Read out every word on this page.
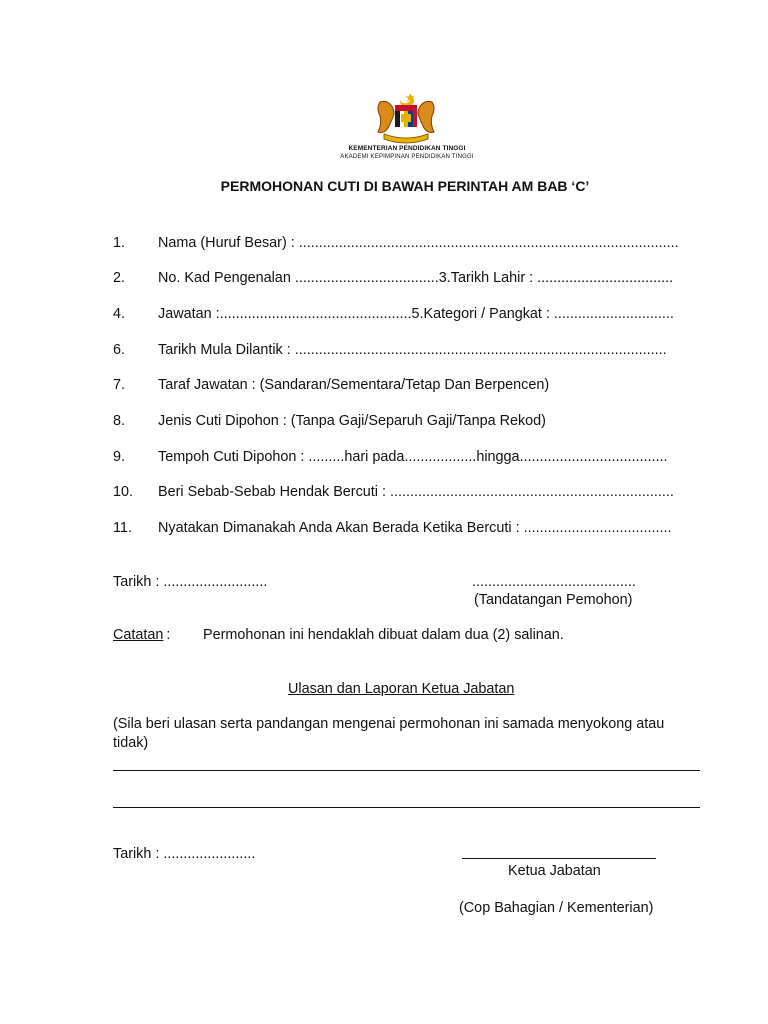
KEMENTERIAN PENDIDIKAN TINGGI
AKADEMI KEPIMPINAN PENDIDIKAN TINGGI
PERMOHONAN CUTI DI BAWAH PERINTAH AM BAB ‘C’
1. Nama (Huruf Besar) : ...............................................................................................
2. No. Kad Pengenalan ....................................3.Tarikh Lahir : ..................................
4. Jawatan :................................................5.Kategori / Pangkat : ..............................
6. Tarikh Mula Dilantik : .............................................................................................
7. Taraf Jawatan : (Sandaran/Sementara/Tetap Dan Berpencen)
8. Jenis Cuti Dipohon : (Tanpa Gaji/Separuh Gaji/Tanpa Rekod)
9. Tempoh Cuti Dipohon : .........hari pada..................hingga.....................................
10. Beri Sebab-Sebab Hendak Bercuti : .......................................................................
11. Nyatakan Dimanakah Anda Akan Berada Ketika Bercuti : .....................................
Tarikh : ..........................	.........................................
(Tandatangan Pemohon)
Catatan : Permohonan ini hendaklah dibuat dalam dua (2) salinan.
Ulasan dan Laporan Ketua Jabatan
(Sila beri ulasan serta pandangan mengenai permohonan ini samada menyokong atau
tidak)
Tarikh : .......................
Ketua Jabatan
(Cop Bahagian / Kementerian)
